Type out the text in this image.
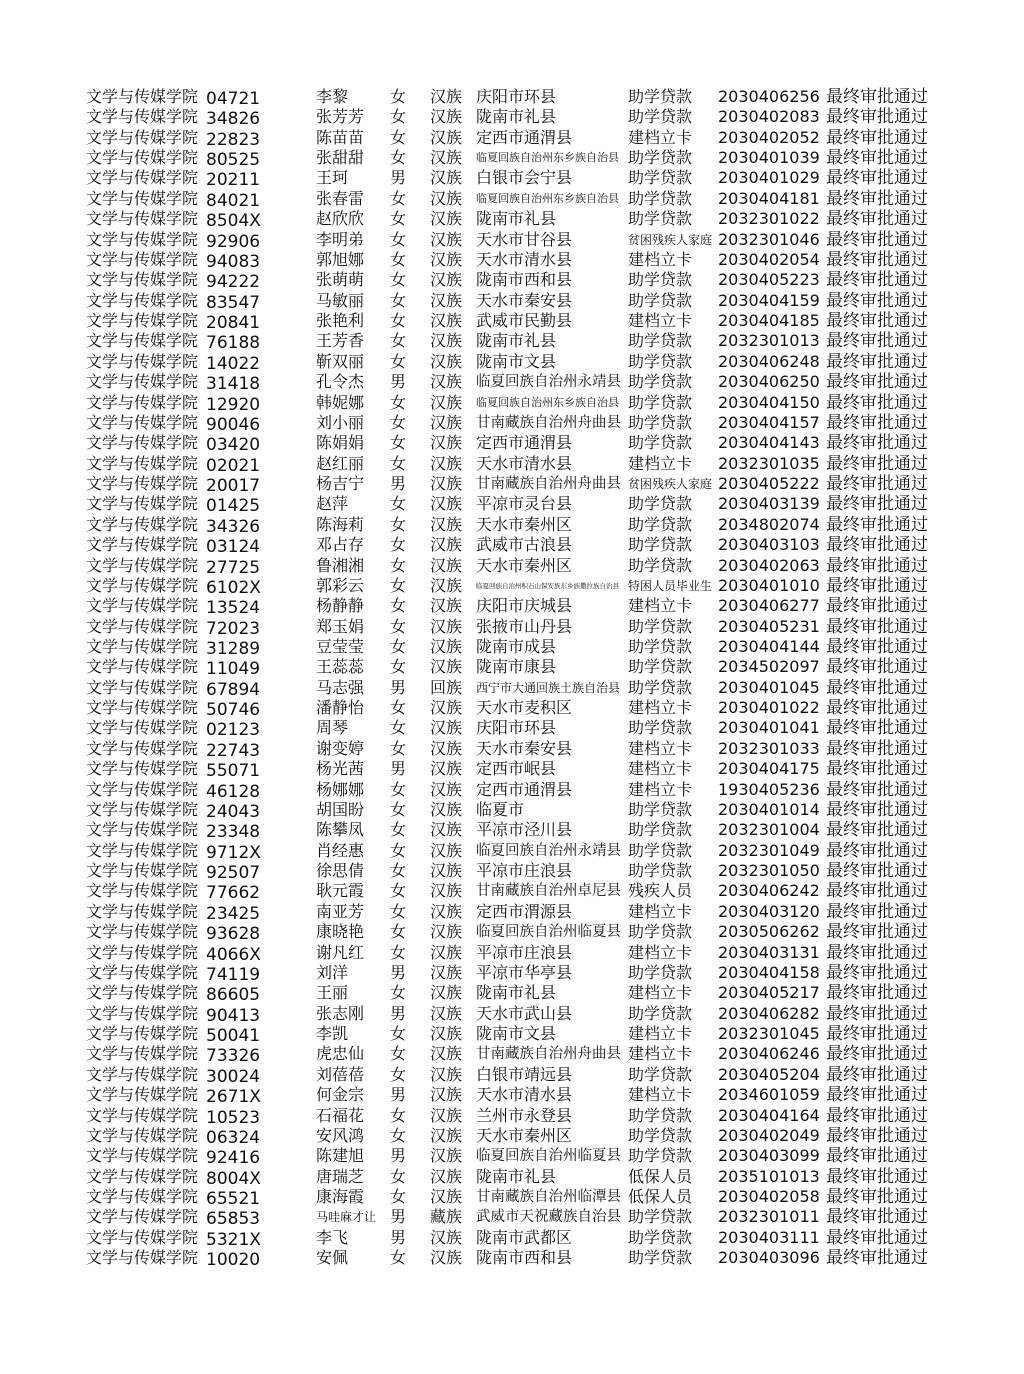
文学与传媒学院 04721	李黎	女 汉族 庆阳市环县	助学贷款 2030406256 最终审批通过
文学与传媒学院 34826	张芳芳 女 汉族 陇南市礼县	助学贷款 2030402083 最终审批通过
文学与传媒学院 22823	陈苗苗 女 汉族 定西市通渭县	建档立卡 2030402052 最终审批通过
文学与传媒学院 80525	张甜甜 女 汉族 临夏回族自治州东乡族自治县 助学贷款 2030401039 最终审批通过
文学与传媒学院 20211	王珂	男 汉族 白银市会宁县	助学贷款 2030401029 最终审批通过
文学与传媒学院 84021	张春雷 女 汉族 临夏回族自治州东乡族自治县 助学贷款 2030404181 最终审批通过
文学与传媒学院 8504X	赵欣欣 女 汉族 陇南市礼县	助学贷款 2032301022 最终审批通过
文学与传媒学院 92906	李明弟 女 汉族 天水市甘谷县	贫困残疾人家庭 2032301046 最终审批通过
文学与传媒学院 94083	郭旭娜 女 汉族 天水市清水县	建档立卡 2030402054 最终审批通过
文学与传媒学院 94222	张萌萌 女 汉族 陇南市西和县	助学贷款 2030405223 最终审批通过
文学与传媒学院 83547	马敏丽 女 汉族 天水市秦安县	助学贷款 2030404159 最终审批通过
文学与传媒学院 20841	张艳利 女 汉族 武威市民勤县	建档立卡 2030404185 最终审批通过
文学与传媒学院 76188	王芳香 女 汉族 陇南市礼县	助学贷款 2032301013 最终审批通过
文学与传媒学院 14022	靳双丽 女 汉族 陇南市文县	助学贷款 2030406248 最终审批通过
文学与传媒学院 31418	孔令杰 男 汉族 临夏回族自治州永靖县 助学贷款 2030406250 最终审批通过
文学与传媒学院 12920	韩妮娜 女 汉族 临夏回族自治州东乡族自治县 助学贷款 2030404150 最终审批通过
文学与传媒学院 90046	刘小丽 女 汉族 甘南藏族自治州舟曲县 助学贷款 2030404157 最终审批通过
文学与传媒学院 03420	陈娟娟 女 汉族 定西市通渭县	助学贷款 2030404143 最终审批通过
文学与传媒学院 02021	赵红丽 女 汉族 天水市清水县	建档立卡 2032301035 最终审批通过
文学与传媒学院 20017	杨吉宁 男 汉族 甘南藏族自治州舟曲县 贫困残疾人家庭 2030405222 最终审批通过
文学与传媒学院 01425	赵萍	女 汉族 平凉市灵台县	助学贷款 2030403139 最终审批通过
文学与传媒学院 34326	陈海莉 女 汉族 天水市秦州区	助学贷款 2034802074 最终审批通过
文学与传媒学院 03124	邓占存 女 汉族 武威市古浪县	助学贷款 2030403103 最终审批通过
文学与传媒学院 27725	鲁湘湘 女 汉族 天水市秦州区	助学贷款 2030402063 最终审批通过
文学与传媒学院 6102X	郭彩云 女 汉族 临夏回族自治州积石山保安族东乡族撒拉族自治县 特困人员毕业生 2030401010 最终审批通过
文学与传媒学院 13524	杨静静 女 汉族 庆阳市庆城县	建档立卡 2030406277 最终审批通过
文学与传媒学院 72023	郑玉娟 女 汉族 张掖市山丹县	助学贷款 2030405231 最终审批通过
文学与传媒学院 31289	豆莹莹 女 汉族 陇南市成县	助学贷款 2030404144 最终审批通过
文学与传媒学院 11049	王蕊蕊 女 汉族 陇南市康县	助学贷款 2034502097 最终审批通过
文学与传媒学院 67894	马志强 男 回族 西宁市大通回族土族自治县 助学贷款 2030401045 最终审批通过
文学与传媒学院 50746	潘静怡 女 汉族 天水市麦积区	建档立卡 2030401022 最终审批通过
文学与传媒学院 02123	周琴	女 汉族 庆阳市环县	助学贷款 2030401041 最终审批通过
文学与传媒学院 22743	谢变婷 女 汉族 天水市秦安县	建档立卡 2032301033 最终审批通过
文学与传媒学院 55071	杨光茜 男 汉族 定西市岷县	建档立卡 2030404175 最终审批通过
文学与传媒学院 46128	杨娜娜 女 汉族 定西市通渭县	建档立卡 1930405236 最终审批通过
文学与传媒学院 24043	胡国盼 女 汉族 临夏市	助学贷款 2030401014 最终审批通过
文学与传媒学院 23348	陈攀凤 女 汉族 平凉市泾川县	助学贷款 2032301004 最终审批通过
文学与传媒学院 9712X	肖经惠 女 汉族 临夏回族自治州永靖县 助学贷款 2032301049 最终审批通过
文学与传媒学院 92507	徐思倩 女 汉族 平凉市庄浪县	助学贷款 2032301050 最终审批通过
文学与传媒学院 77662	耿元霞 女 汉族 甘南藏族自治州卓尼县 残疾人员 2030406242 最终审批通过
文学与传媒学院 23425	南亚芳 女 汉族 定西市渭源县	建档立卡 2030403120 最终审批通过
文学与传媒学院 93628	康晓艳 女 汉族 临夏回族自治州临夏县 助学贷款 2030506262 最终审批通过
文学与传媒学院 4066X	谢凡红 女 汉族 平凉市庄浪县	建档立卡 2030403131 最终审批通过
文学与传媒学院 74119	刘洋	男 汉族 平凉市华亭县	助学贷款 2030404158 最终审批通过
文学与传媒学院 86605	王丽	女 汉族 陇南市礼县	建档立卡 2030405217 最终审批通过
文学与传媒学院 90413	张志刚 男 汉族 天水市武山县	助学贷款 2030406282 最终审批通过
文学与传媒学院 50041	李凯	女 汉族 陇南市文县	建档立卡 2032301045 最终审批通过
文学与传媒学院 73326	虎忠仙 女 汉族 甘南藏族自治州舟曲县 建档立卡 2030406246 最终审批通过
文学与传媒学院 30024	刘蓓蓓 女 汉族 白银市靖远县	助学贷款 2030405204 最终审批通过
文学与传媒学院 2671X	何金宗 男 汉族 天水市清水县	建档立卡 2034601059 最终审批通过
文学与传媒学院 10523	石福花 女 汉族 兰州市永登县	助学贷款 2030404164 最终审批通过
文学与传媒学院 06324	安风鸿 女 汉族 天水市秦州区	助学贷款 2030402049 最终审批通过
文学与传媒学院 92416	陈建旭 男 汉族 临夏回族自治州临夏县 助学贷款 2030403099 最终审批通过
文学与传媒学院 8004X	唐瑞芝 女 汉族 陇南市礼县	低保人员 2035101013 最终审批通过
文学与传媒学院 65521	康海霞 女 汉族 甘南藏族自治州临潭县 低保人员 2030402058 最终审批通过
文学与传媒学院 65853	马哇麻才让 男 藏族 武威市天祝藏族自治县 助学贷款 2032301011 最终审批通过
文学与传媒学院 5321X	李飞	男 汉族 陇南市武都区	助学贷款 2030403111 最终审批通过
文学与传媒学院 10020	安佩	女 汉族 陇南市西和县	助学贷款 2030403096 最终审批通过
